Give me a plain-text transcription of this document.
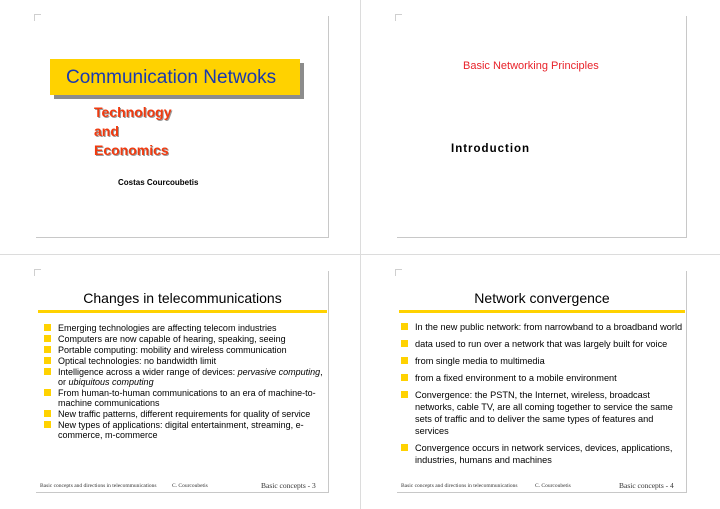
Communication Netwoks
Technology
and
Economics
Costas Courcoubetis
Basic Networking Principles
Introduction
Changes in telecommunications
Emerging technologies are affecting telecom industries
Computers are now capable of hearing, speaking, seeing
Portable computing: mobility and wireless communication
Optical technologies: no bandwidth limit
Intelligence across a wider range of devices: pervasive computing, or ubiquitous computing
From human-to-human communications to an era of machine-to-machine communications
New traffic patterns, different requirements for quality of service
New types of applications: digital entertainment, streaming, e-commerce, m-commerce
Basic concepts and directions in telecommunications	C. Courcoubetis	Basic concepts - 3
Network convergence
In the new public network: from narrowband to a broadband world
data used to run over a network that was largely built for voice
from single media to multimedia
from a fixed environment to a mobile environment
Convergence: the PSTN, the Internet, wireless, broadcast networks, cable TV, are all coming together to service the same sets of traffic and to deliver the same types of features and services
Convergence occurs in network services, devices, applications, industries, humans and machines
Basic concepts and directions in telecommunications	C. Courcoubetis	Basic concepts - 4
